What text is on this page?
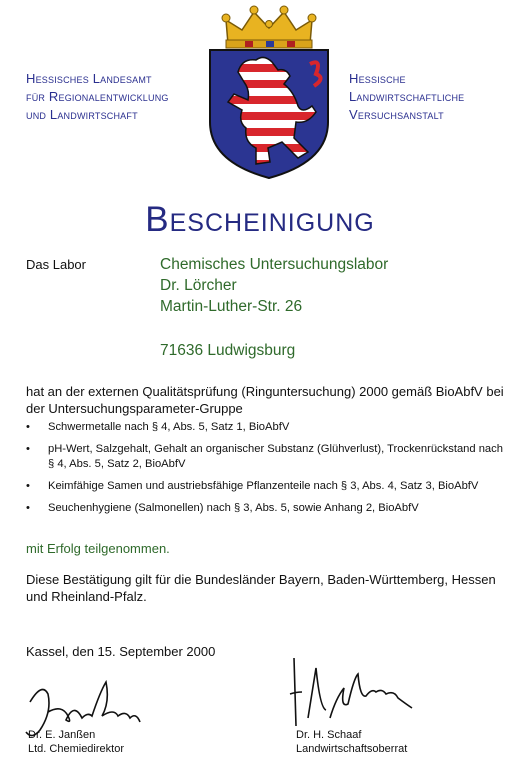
Hessisches Landesamt
für Regionalentwicklung
und Landwirtschaft
Hessische
Landwirtschaftliche
Versuchsanstalt
Bescheinigung
Das Labor	Chemisches Untersuchungslabor
Dr. Lörcher
Martin-Luther-Str. 26
71636 Ludwigsburg
hat an der externen Qualitätsprüfung (Ringuntersuchung) 2000 gemäß BioAbfV bei der Untersuchungsparameter-Gruppe
• Schwermetalle nach § 4, Abs. 5, Satz 1, BioAbfV
• pH-Wert, Salzgehalt, Gehalt an organischer Substanz (Glühverlust), Trockenrückstand nach § 4, Abs. 5, Satz 2, BioAbfV
• Keimfähige Samen und austriebsfähige Pflanzenteile nach § 3, Abs. 4, Satz 3, BioAbfV
• Seuchenhygiene (Salmonellen) nach § 3, Abs. 5, sowie Anhang 2, BioAbfV
mit Erfolg teilgenommen.
Diese Bestätigung gilt für die Bundesländer Bayern, Baden-Württemberg, Hessen und Rheinland-Pfalz.
Kassel, den 15. September 2000
Dr. E. Janßen
Ltd. Chemiedirektor
Dr. H. Schaaf
Landwirtschaftsoberrat
